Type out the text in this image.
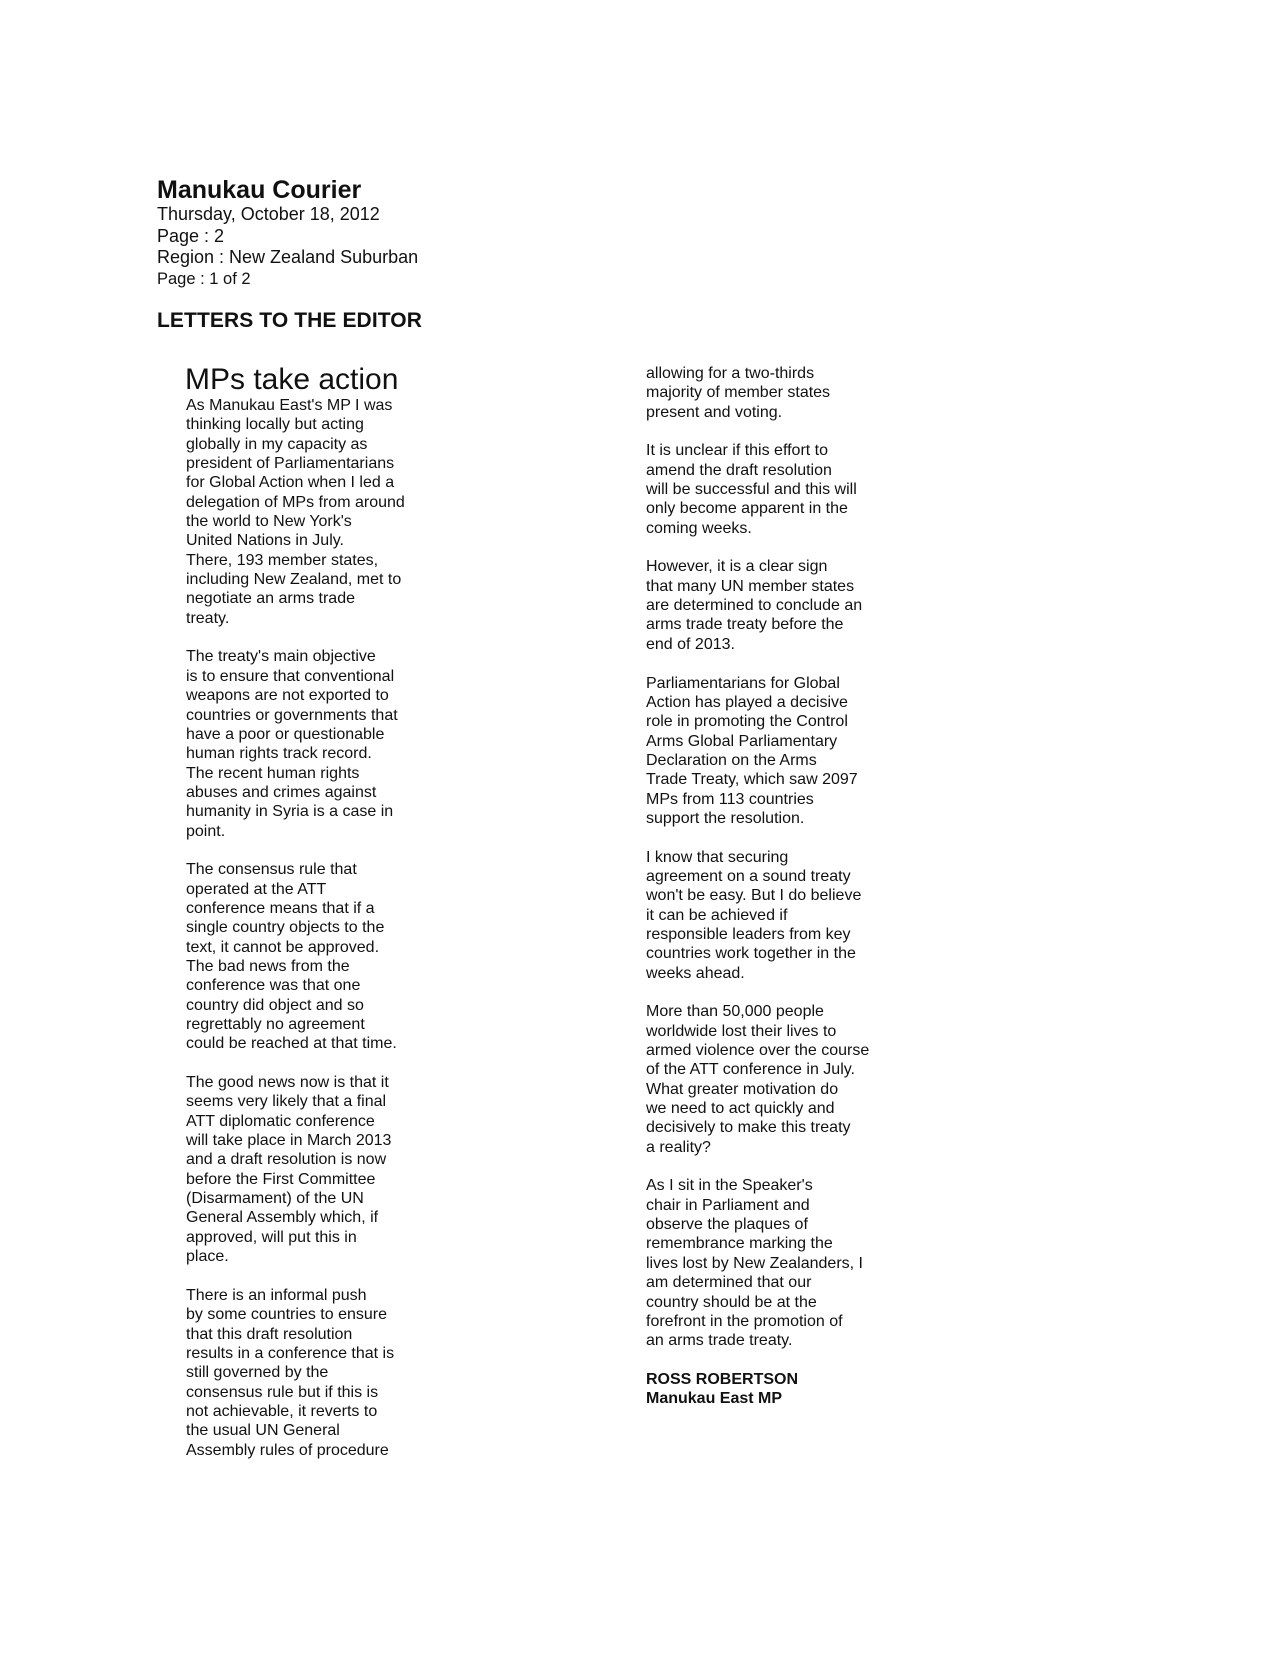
Manukau Courier

Thursday, October 18, 2012

Page : 2

Region : New Zealand Suburban

Page : 1 of 2

LETTERS TO THE EDITOR
MPs take action

As Manukau East's MP I was
thinking locally but acting
globally in my capacity as
president of Parliamentarians
for Global Action when I led a
delegation of MPs from around
the world to New York's
United Nations in July.
There, 193 member states,
including New Zealand, met to
negotiate an arms trade
treaty.

The treaty's main objective
is to ensure that conventional
weapons are not exported to
countries or governments that
have a poor or questionable
human rights track record.
The recent human rights
abuses and crimes against
humanity in Syria is a case in
point.

The consensus rule that
operated at the ATT
conference means that if a
single country objects to the
text, it cannot be approved.
The bad news from the
conference was that one
country did object and so
regrettably no agreement
could be reached at that time.

The good news now is that it
seems very likely that a final
ATT diplomatic conference
will take place in March 2013
and a draft resolution is now
before the First Committee
(Disarmament) of the UN
General Assembly which, if
approved, will put this in
place.

There is an informal push
by some countries to ensure
that this draft resolution
results in a conference that is
still governed by the
consensus rule but if this is
not achievable, it reverts to
the usual UN General
Assembly rules of procedure

allowing for a two-thirds
majority of member states
present and voting.

It is unclear if this effort to
amend the draft resolution
will be successful and this will
only become apparent in the
coming weeks.

However, it is a clear sign
that many UN member states
are determined to conclude an
arms trade treaty before the
end of 2013.

Parliamentarians for Global
Action has played a decisive
role in promoting the Control
Arms Global Parliamentary
Declaration on the Arms
Trade Treaty, which saw 2097
MPs from 113 countries
support the resolution.

I know that securing
agreement on a sound treaty
won't be easy. But I do believe
it can be achieved if
responsible leaders from key
countries work together in the
weeks ahead.

More than 50,000 people
worldwide lost their lives to
armed violence over the course
of the ATT conference in July.
What greater motivation do
we need to act quickly and
decisively to make this treaty
a reality?

As I sit in the Speaker's
chair in Parliament and
observe the plaques of
remembrance marking the
lives lost by New Zealanders, I
am determined that our
country should be at the
forefront in the promotion of
an arms trade treaty.

ROSS ROBERTSON

Manukau East MP
